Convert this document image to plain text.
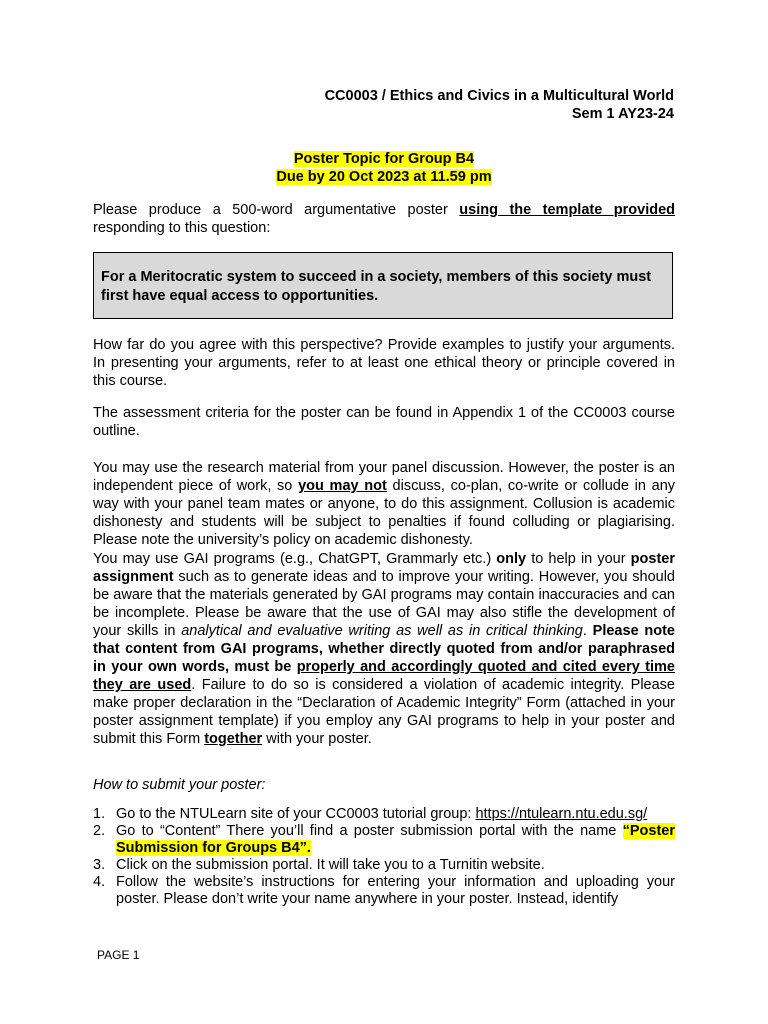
CC0003 / Ethics and Civics in a Multicultural World
Sem 1 AY23-24
Poster Topic for Group B4
Due by 20 Oct 2023 at 11.59 pm

Please produce a 500-word argumentative poster using the template provided responding to this question:

For a Meritocratic system to succeed in a society, members of this society must first have equal access to opportunities.

How far do you agree with this perspective? Provide examples to justify your arguments. In presenting your arguments, refer to at least one ethical theory or principle covered in this course.

The assessment criteria for the poster can be found in Appendix 1 of the CC0003 course outline.

You may use the research material from your panel discussion. However, the poster is an independent piece of work, so you may not discuss, co-plan, co-write or collude in any way with your panel team mates or anyone, to do this assignment. Collusion is academic dishonesty and students will be subject to penalties if found colluding or plagiarising. Please note the university’s policy on academic dishonesty.

You may use GAI programs (e.g., ChatGPT, Grammarly etc.) only to help in your poster assignment such as to generate ideas and to improve your writing. However, you should be aware that the materials generated by GAI programs may contain inaccuracies and can be incomplete. Please be aware that the use of GAI may also stifle the development of your skills in analytical and evaluative writing as well as in critical thinking. Please note that content from GAI programs, whether directly quoted from and/or paraphrased in your own words, must be properly and accordingly quoted and cited every time they are used. Failure to do so is considered a violation of academic integrity. Please make proper declaration in the “Declaration of Academic Integrity” Form (attached in your poster assignment template) if you employ any GAI programs to help in your poster and submit this Form together with your poster.

How to submit your poster:

1. Go to the NTULearn site of your CC0003 tutorial group: https://ntulearn.ntu.edu.sg/
2. Go to “Content” There you’ll find a poster submission portal with the name “Poster Submission for Groups B4”.
3. Click on the submission portal. It will take you to a Turnitin website.
4. Follow the website’s instructions for entering your information and uploading your poster. Please don’t write your name anywhere in your poster. Instead, identify
PAGE 1
